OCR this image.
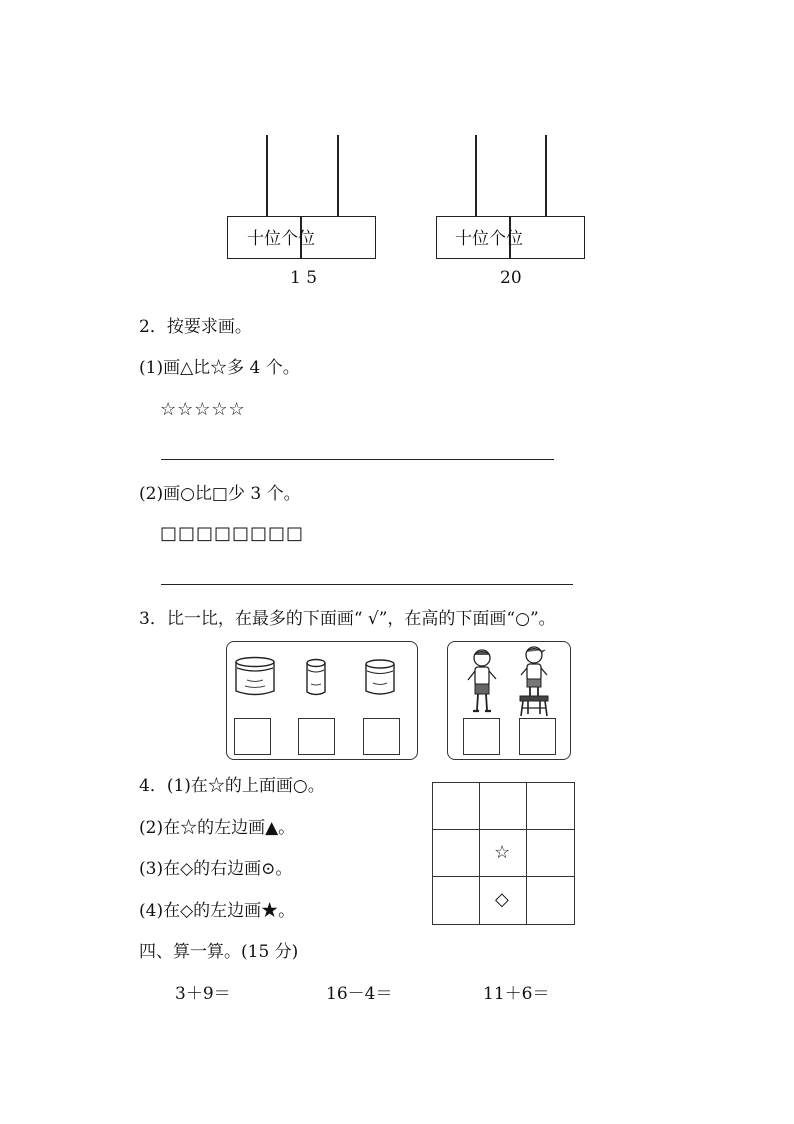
十位个位
1 5
十位个位
20
2．按要求画。
(1)画△比☆多 4 个。
☆☆☆☆☆
(2)画○比□少 3 个。
□□□□□□□□
3．比一比，在最多的下面画“ √”，在高的下面画“○”。
4．(1)在☆的上面画○。
(2)在☆的左边画▲。
(3)在◇的右边画⊙。
(4)在◇的左边画★。
☆
◇
四、算一算。(15 分)
3＋9＝	16－4＝	11＋6＝
